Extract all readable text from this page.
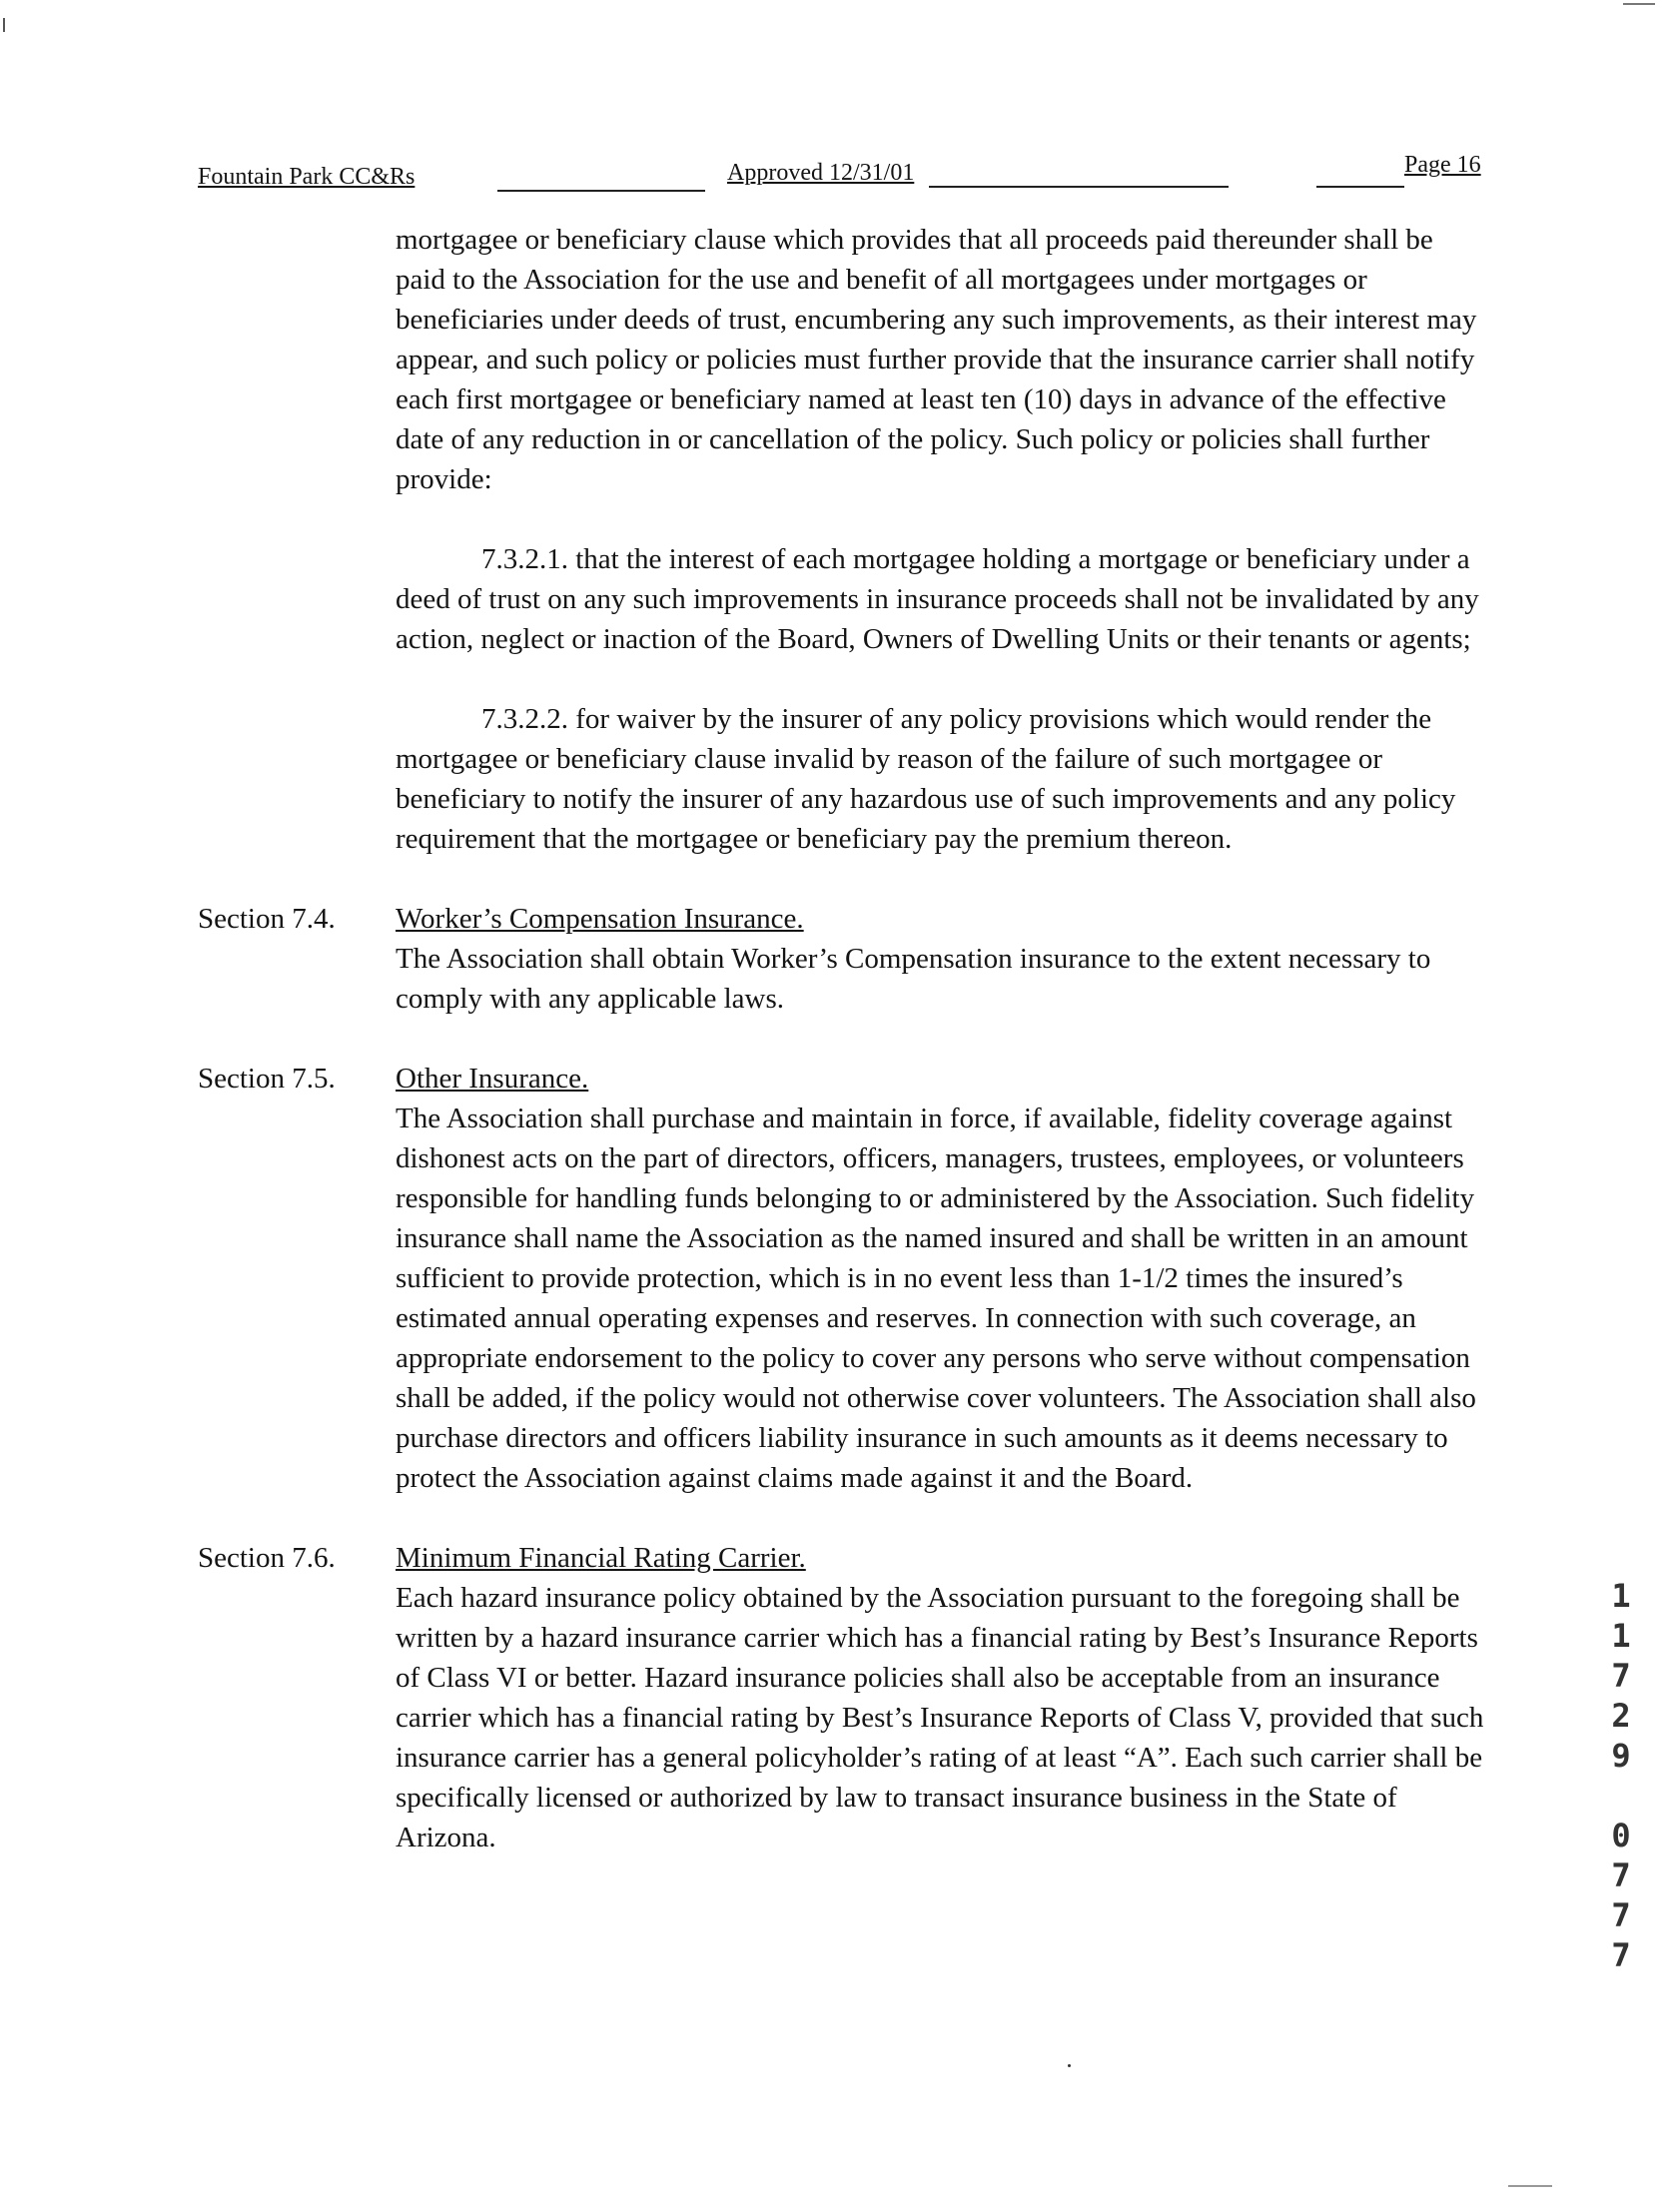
Fountain Park CC&Rs	Approved 12/31/01	Page 16

mortgagee or beneficiary clause which provides that all proceeds paid thereunder shall be paid to the Association for the use and benefit of all mortgagees under mortgages or beneficiaries under deeds of trust, encumbering any such improvements, as their interest may appear, and such policy or policies must further provide that the insurance carrier shall notify each first mortgagee or beneficiary named at least ten (10) days in advance of the effective date of any reduction in or cancellation of the policy. Such policy or policies shall further provide:

7.3.2.1. that the interest of each mortgagee holding a mortgage or beneficiary under a deed of trust on any such improvements in insurance proceeds shall not be invalidated by any action, neglect or inaction of the Board, Owners of Dwelling Units or their tenants or agents;

7.3.2.2. for waiver by the insurer of any policy provisions which would render the mortgagee or beneficiary clause invalid by reason of the failure of such mortgagee or beneficiary to notify the insurer of any hazardous use of such improvements and any policy requirement that the mortgagee or beneficiary pay the premium thereon.

Section 7.4. Worker’s Compensation Insurance.
The Association shall obtain Worker’s Compensation insurance to the extent necessary to comply with any applicable laws.
Section 7.5. Other Insurance.
The Association shall purchase and maintain in force, if available, fidelity coverage against dishonest acts on the part of directors, officers, managers, trustees, employees, or volunteers responsible for handling funds belonging to or administered by the Association. Such fidelity insurance shall name the Association as the named insured and shall be written in an amount sufficient to provide protection, which is in no event less than 1-1/2 times the insured’s estimated annual operating expenses and reserves. In connection with such coverage, an appropriate endorsement to the policy to cover any persons who serve without compensation shall be added, if the policy would not otherwise cover volunteers. The Association shall also purchase directors and officers liability insurance in such amounts as it deems necessary to protect the Association against claims made against it and the Board.
Section 7.6. Minimum Financial Rating Carrier.
Each hazard insurance policy obtained by the Association pursuant to the foregoing shall be written by a hazard insurance carrier which has a financial rating by Best’s Insurance Reports of Class VI or better. Hazard insurance policies shall also be acceptable from an insurance carrier which has a financial rating by Best’s Insurance Reports of Class V, provided that such insurance carrier has a general policyholder’s rating of at least “A”. Each such carrier shall be specifically licensed or authorized by law to transact insurance business in the State of Arizona.
1
1
7
2
9
0
7
7
7
